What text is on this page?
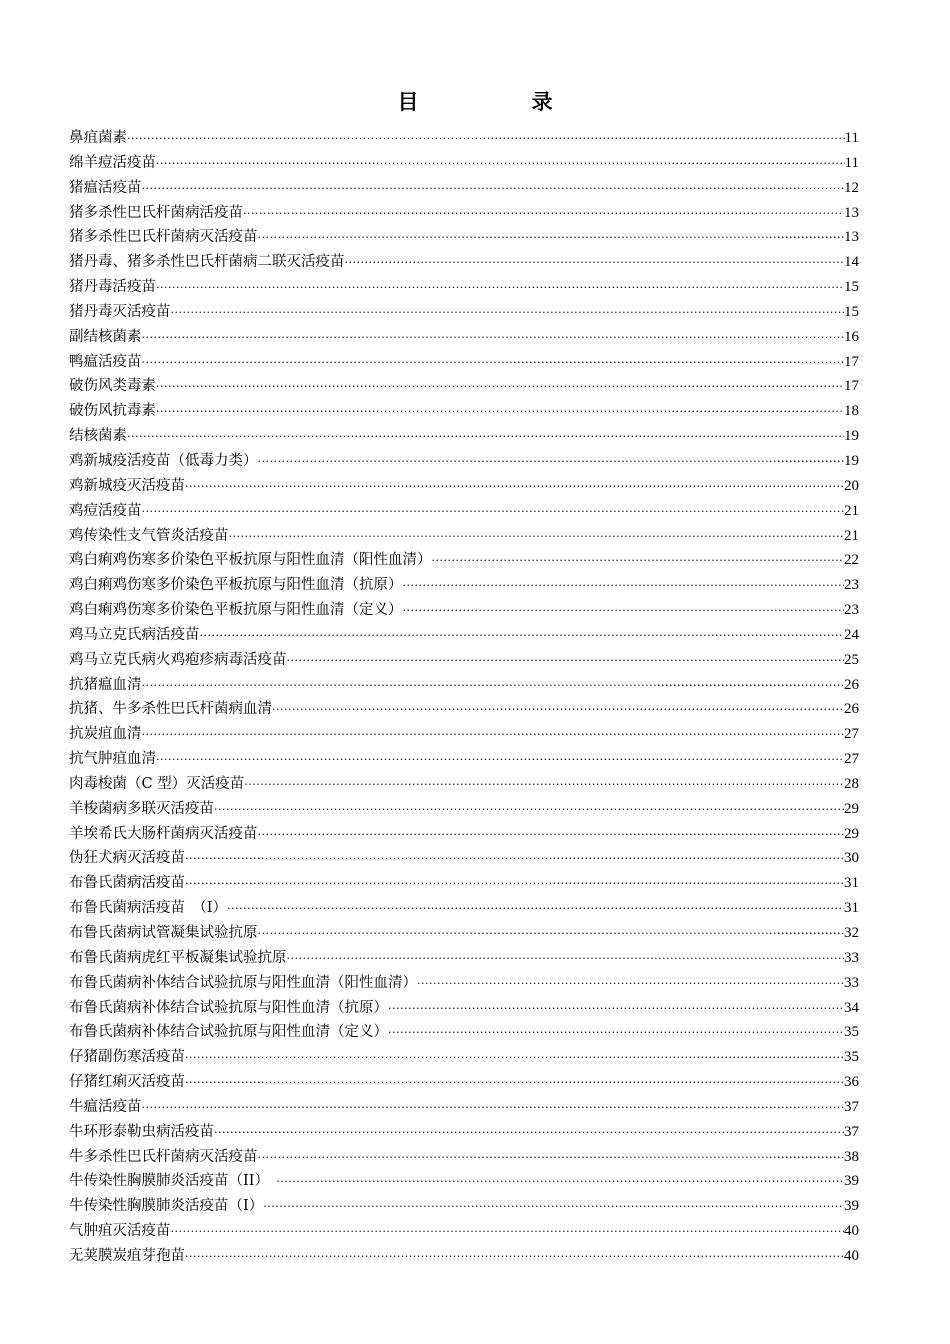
目　录
鼻疽菌素 ·····	11
绵羊痘活疫苗 ·····	11
猪瘟活疫苗 ·····	12
猪多杀性巴氏杆菌病活疫苗 ·····	13
猪多杀性巴氏杆菌病灭活疫苗 ·····	13
猪丹毒、猪多杀性巴氏杆菌病二联灭活疫苗 ·····	14
猪丹毒活疫苗 ·····	15
猪丹毒灭活疫苗 ·····	15
副结核菌素 ·····	16
鸭瘟活疫苗 ·····	17
破伤风类毒素 ·····	17
破伤风抗毒素 ·····	18
结核菌素 ·····	19
鸡新城疫活疫苗（低毒力类） ·····	19
鸡新城疫灭活疫苗 ·····	20
鸡痘活疫苗 ·····	21
鸡传染性支气管炎活疫苗 ·····	21
鸡白痢鸡伤寒多价染色平板抗原与阳性血清（阳性血清） ·····	22
鸡白痢鸡伤寒多价染色平板抗原与阳性血清（抗原） ·····	23
鸡白痢鸡伤寒多价染色平板抗原与阳性血清（定义） ·····	23
鸡马立克氏病活疫苗 ·····	24
鸡马立克氏病火鸡疱疹病毒活疫苗 ·····	25
抗猪瘟血清 ·····	26
抗猪、牛多杀性巴氏杆菌病血清 ·····	26
抗炭疽血清 ·····	27
抗气肿疽血清 ·····	27
肉毒梭菌（C 型）灭活疫苗 ·····	28
羊梭菌病多联灭活疫苗 ·····	29
羊埃希氏大肠杆菌病灭活疫苗 ·····	29
伪狂犬病灭活疫苗 ·····	30
布鲁氏菌病活疫苗 ·····	31
布鲁氏菌病活疫苗　（I） ·····	31
布鲁氏菌病试管凝集试验抗原 ·····	32
布鲁氏菌病虎红平板凝集试验抗原 ·····	33
布鲁氏菌病补体结合试验抗原与阳性血清（阳性血清） ·····	33
布鲁氏菌病补体结合试验抗原与阳性血清（抗原） ·····	34
布鲁氏菌病补体结合试验抗原与阳性血清（定义） ·····	35
仔猪副伤寒活疫苗 ·····	35
仔猪红痢灭活疫苗 ·····	36
牛瘟活疫苗 ·····	37
牛环形泰勒虫病活疫苗 ·····	37
牛多杀性巴氏杆菌病灭活疫苗 ·····	38
牛传染性胸膜肺炎活疫苗（II）　 ·····	39
牛传染性胸膜肺炎活疫苗（I） ·····	39
气肿疽灭活疫苗 ·····	40
无荚膜炭疽芽孢苗 ·····	40
